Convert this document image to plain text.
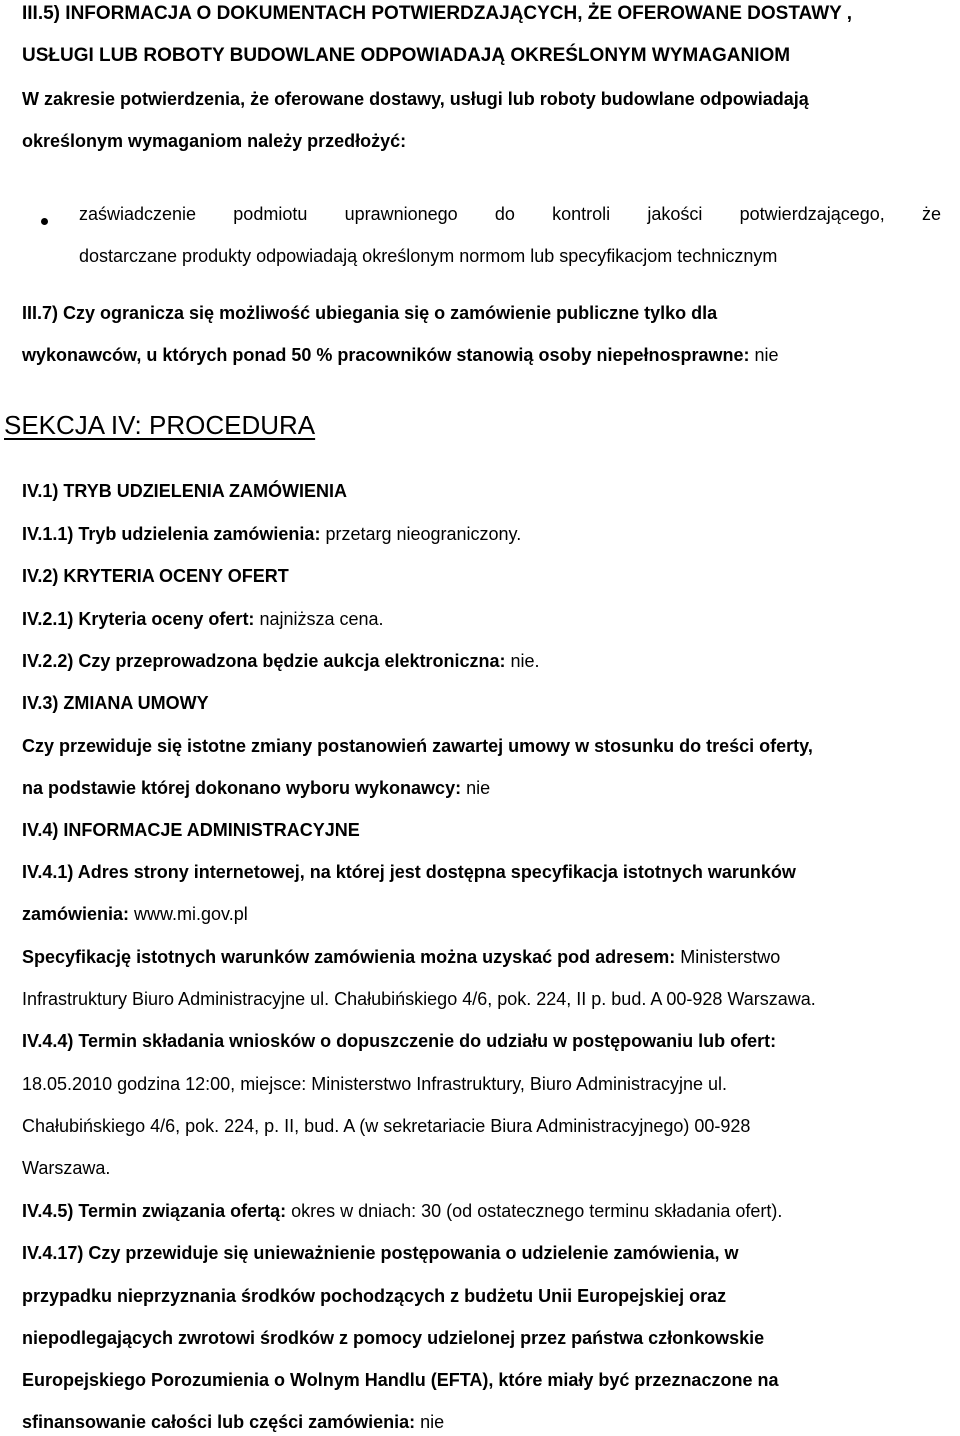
III.5) INFORMACJA O DOKUMENTACH POTWIERDZAJĄCYCH, ŻE OFEROWANE DOSTAWY ,
USŁUGI LUB ROBOTY BUDOWLANE ODPOWIADAJĄ OKREŚLONYM WYMAGANIOM
W zakresie potwierdzenia, że oferowane dostawy, usługi lub roboty budowlane odpowiadają
określonym wymaganiom należy przedłożyć:
zaświadczenie podmiotu uprawnionego do kontroli jakości potwierdzającego, że
dostarczane produkty odpowiadają określonym normom lub specyfikacjom technicznym
III.7) Czy ogranicza się możliwość ubiegania się o zamówienie publiczne tylko dla
wykonawców, u których ponad 50 % pracowników stanowią osoby niepełnosprawne: nie
SEKCJA IV: PROCEDURA
IV.1) TRYB UDZIELENIA ZAMÓWIENIA
IV.1.1) Tryb udzielenia zamówienia: przetarg nieograniczony.
IV.2) KRYTERIA OCENY OFERT
IV.2.1) Kryteria oceny ofert: najniższa cena.
IV.2.2) Czy przeprowadzona będzie aukcja elektroniczna: nie.
IV.3) ZMIANA UMOWY
Czy przewiduje się istotne zmiany postanowień zawartej umowy w stosunku do treści oferty,
na podstawie której dokonano wyboru wykonawcy: nie
IV.4) INFORMACJE ADMINISTRACYJNE
IV.4.1) Adres strony internetowej, na której jest dostępna specyfikacja istotnych warunków
zamówienia: www.mi.gov.pl
Specyfikację istotnych warunków zamówienia można uzyskać pod adresem: Ministerstwo
Infrastruktury Biuro Administracyjne ul. Chałubińskiego 4/6, pok. 224, II p. bud. A 00-928 Warszawa.
IV.4.4) Termin składania wniosków o dopuszczenie do udziału w postępowaniu lub ofert:
18.05.2010 godzina 12:00, miejsce: Ministerstwo Infrastruktury, Biuro Administracyjne ul.
Chałubińskiego 4/6, pok. 224, p. II, bud. A (w sekretariacie Biura Administracyjnego) 00-928
Warszawa.
IV.4.5) Termin związania ofertą: okres w dniach: 30 (od ostatecznego terminu składania ofert).
IV.4.17) Czy przewiduje się unieważnienie postępowania o udzielenie zamówienia, w
przypadku nieprzyznania środków pochodzących z budżetu Unii Europejskiej oraz
niepodlegających zwrotowi środków z pomocy udzielonej przez państwa członkowskie
Europejskiego Porozumienia o Wolnym Handlu (EFTA), które miały być przeznaczone na
sfinansowanie całości lub części zamówienia: nie
